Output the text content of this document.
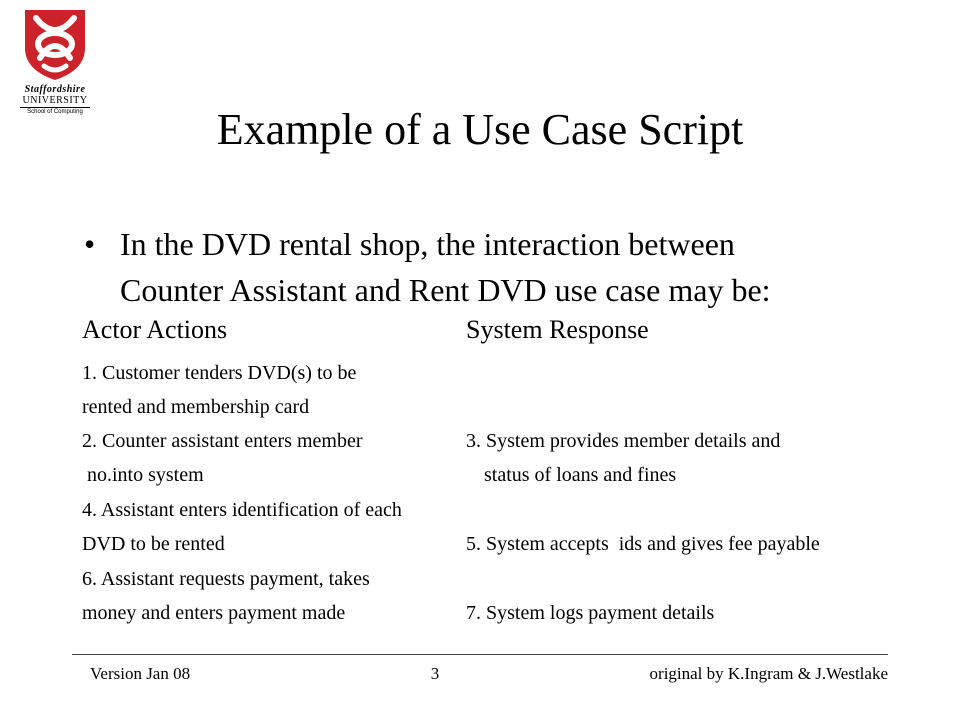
Staffordshire
UNIVERSITY
School of Computing	Example of a Use Case Script
• In the DVD rental shop, the interaction between
Counter Assistant and Rent DVD use case may be:
Actor Actions	System Response
1. Customer tenders DVD(s) to be
rented and membership card
2. Counter assistant enters member	3. System provides member details and
no.into system	status of loans and fines
4. Assistant enters identification of each
DVD to be rented	5. System accepts  ids and gives fee payable
6. Assistant requests payment, takes
money and enters payment made	7. System logs payment details
Version Jan 08	3	original by K.Ingram & J.Westlake
